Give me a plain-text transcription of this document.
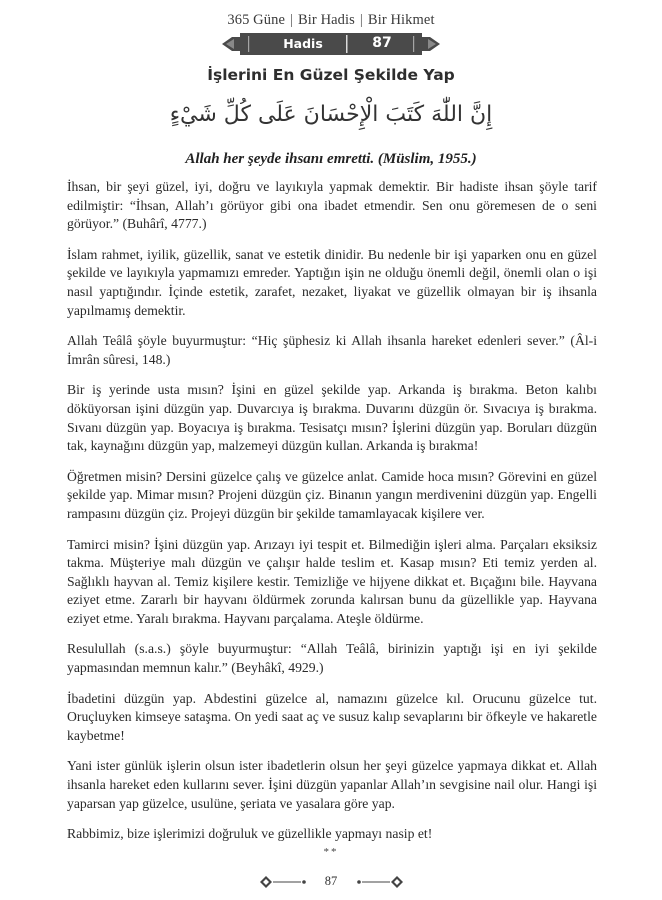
365 Güne | Bir Hadis | Bir Hikmet
Hadis	87
İşlerini En Güzel Şekilde Yap
إِنَّ اللّٰهَ كَتَبَ الْإِحْسَانَ عَلَى كُلِّ شَيْءٍ
Allah her şeyde ihsanı emretti. (Müslim, 1955.)

İhsan, bir şeyi güzel, iyi, doğru ve layıkıyla yapmak demektir. Bir hadiste ihsan şöyle tarif edilmiştir: “İhsan, Allah’ı görüyor gibi ona ibadet etmendir. Sen onu göremesen de o seni görüyor.” (Buhârî, 4777.)

İslam rahmet, iyilik, güzellik, sanat ve estetik dinidir. Bu nedenle bir işi yaparken onu en güzel şekilde ve layıkıyla yapmamızı emreder. Yaptığın işin ne olduğu önemli değil, önemli olan o işi nasıl yaptığındır. İçinde estetik, zarafet, nezaket, liyakat ve güzellik olmayan bir iş ihsanla yapılmamış demektir.

Allah Teâlâ şöyle buyurmuştur: “Hiç şüphesiz ki Allah ihsanla hareket edenleri sever.” (Âl-i İmrân sûresi, 148.)

Bir iş yerinde usta mısın? İşini en güzel şekilde yap. Arkanda iş bırakma. Beton kalıbı döküyorsan işini düzgün yap. Duvarcıya iş bırakma. Duvarını düzgün ör. Sıvacıya iş bırakma. Sıvanı düzgün yap. Boyacıya iş bırakma. Tesisatçı mısın? İşlerini düzgün yap. Boruları düzgün tak, kaynağını düzgün yap, malzemeyi düzgün kullan. Arkanda iş bırakma!

Öğretmen misin? Dersini güzelce çalış ve güzelce anlat. Camide hoca mısın? Görevini en güzel şekilde yap. Mimar mısın? Projeni düzgün çiz. Binanın yangın merdivenini düzgün yap. Engelli rampasını düzgün çiz. Projeyi düzgün bir şekilde tamamlayacak kişilere ver.

Tamirci misin? İşini düzgün yap. Arızayı iyi tespit et. Bilmediğin işleri alma. Parçaları eksiksiz takma. Müşteriye malı düzgün ve çalışır halde teslim et. Kasap mısın? Eti temiz yerden al. Sağlıklı hayvan al. Temiz kişilere kestir. Temizliğe ve hijyene dikkat et. Bıçağını bile. Hayvana eziyet etme. Zararlı bir hayvanı öldürmek zorunda kalırsan bunu da güzellikle yap. Hayvana eziyet etme. Yaralı bırakma. Hayvanı parçalama. Ateşle öldürme.

Resulullah (s.a.s.) şöyle buyurmuştur: “Allah Teâlâ, birinizin yaptığı işi en iyi şekilde yapmasından memnun kalır.” (Beyhâkî, 4929.)

İbadetini düzgün yap. Abdestini güzelce al, namazını güzelce kıl. Orucunu güzelce tut. Oruçluyken kimseye sataşma. On yedi saat aç ve susuz kalıp sevaplarını bir öfkeyle ve hakaretle kaybetme!

Yani ister günlük işlerin olsun ister ibadetlerin olsun her şeyi güzelce yapmaya dikkat et. Allah ihsanla hareket eden kullarını sever. İşini düzgün yapanlar Allah’ın sevgisine nail olur. Hangi işi yaparsan yap güzelce, usulüne, şeriata ve yasalara göre yap.

Rabbimiz, bize işlerimizi doğruluk ve güzellikle yapmayı nasip et!

**
87
